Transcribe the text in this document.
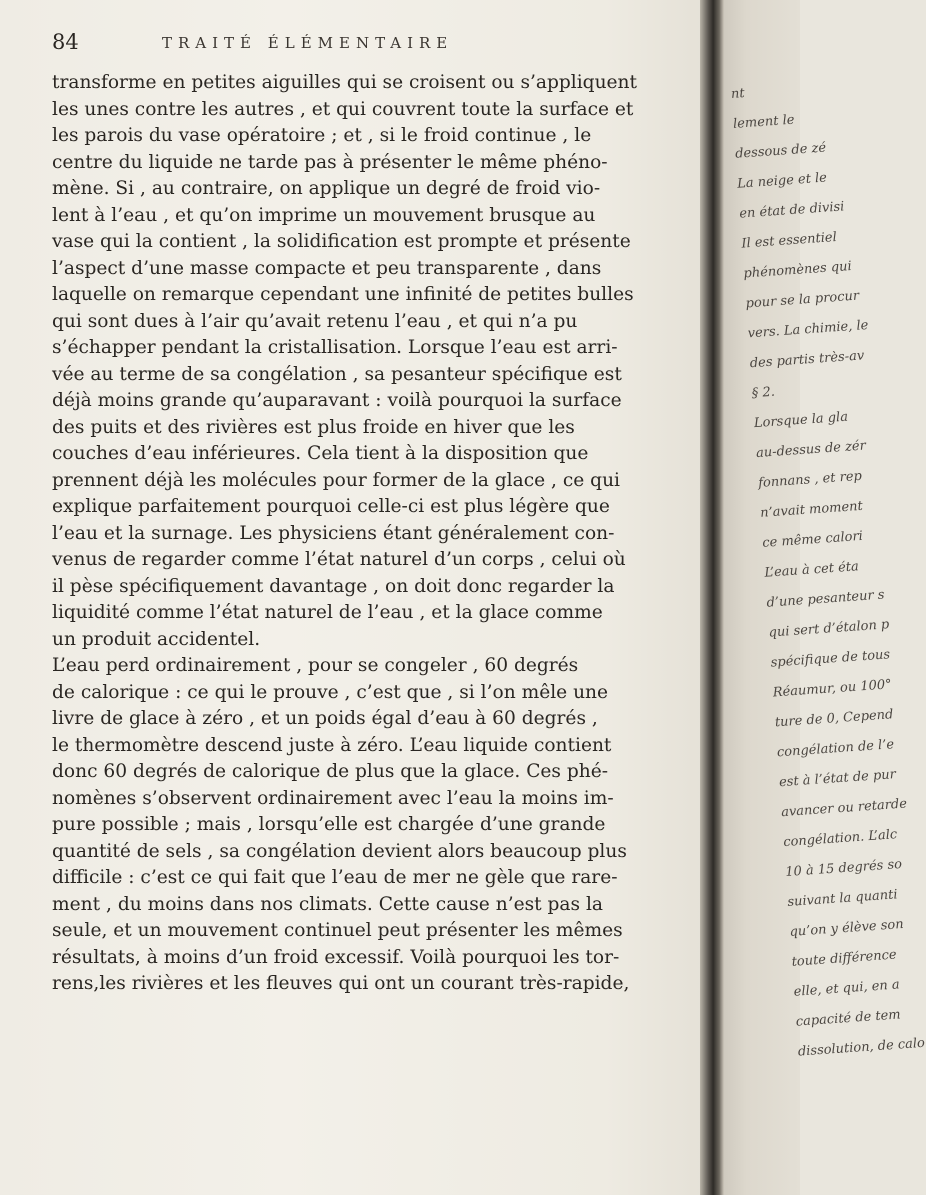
84	TRAITÉ ÉLÉMENTAIRE

transforme en petites aiguilles qui se croisent ou s’appliquent
les unes contre les autres , et qui couvrent toute la surface et
les parois du vase opératoire ; et , si le froid continue , le
centre du liquide ne tarde pas à présenter le même phéno-
mène. Si , au contraire, on applique un degré de froid vio-
lent à l’eau , et qu’on imprime un mouvement brusque au
vase qui la contient , la solidification est prompte et présente
l’aspect d’une masse compacte et peu transparente , dans
laquelle on remarque cependant une infinité de petites bulles
qui sont dues à l’air qu’avait retenu l’eau , et qui n’a pu
s’échapper pendant la cristallisation. Lorsque l’eau est arri-
vée au terme de sa congélation , sa pesanteur spécifique est
déjà moins grande qu’auparavant : voilà pourquoi la surface
des puits et des rivières est plus froide en hiver que les
couches d’eau inférieures. Cela tient à la disposition que
prennent déjà les molécules pour former de la glace , ce qui
explique parfaitement pourquoi celle-ci est plus légère que
l’eau et la surnage. Les physiciens étant généralement con-
venus de regarder comme l’état naturel d’un corps , celui où
il pèse spécifiquement davantage , on doit donc regarder la
liquidité comme l’état naturel de l’eau , et la glace comme
un produit accidentel.

L’eau perd ordinairement , pour se congeler , 60 degrés
de calorique : ce qui le prouve , c’est que , si l’on mêle une
livre de glace à zéro , et un poids égal d’eau à 60 degrés ,
le thermomètre descend juste à zéro. L’eau liquide contient
donc 60 degrés de calorique de plus que la glace. Ces phé-
nomènes s’observent ordinairement avec l’eau la moins im-
pure possible ; mais , lorsqu’elle est chargée d’une grande
quantité de sels , sa congélation devient alors beaucoup plus
difficile : c’est ce qui fait que l’eau de mer ne gèle que rare-
ment , du moins dans nos climats. Cette cause n’est pas la
seule, et un mouvement continuel peut présenter les mêmes
résultats, à moins d’un froid excessif. Voilà pourquoi les tor-
rens,les rivières et les fleuves qui ont un courant très-rapide,

nt
lement le
dessous de zé
La neige et le
en état de divisi
Il est essentiel
phénomènes qui
pour se la procur
vers. La chimie, le
des partis très-av
§ 2.
Lorsque la gla
au-dessus de zér
fonnans , et rep
n’avait moment
ce même calori
L’eau à cet éta
d’une pesanteur s
qui sert d’étalon p
spécifique de tous
Réaumur, ou 100°
ture de 0, Cepend
congélation de l’e
est à l’état de pur
avancer ou retarde
congélation. L’alc
10 à 15 degrés so
suivant la quanti
qu’on y élève son
toute différence
elle, et qui, en a
capacité de tem
dissolution, de calo
